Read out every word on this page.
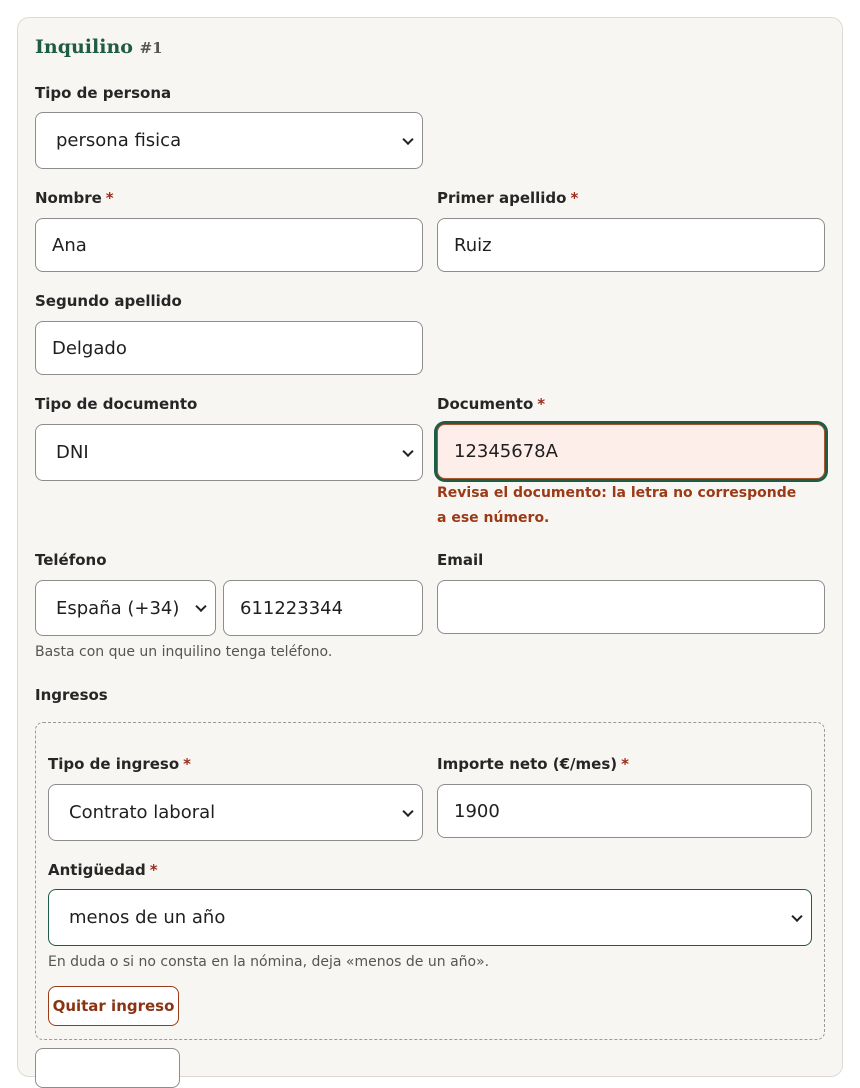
Inquilino #1
Tipo de persona
persona fisica
Nombre *
Ana
Primer apellido *
Ruiz
Segundo apellido
Delgado
Tipo de documento
DNI
Documento *
12345678A
Revisa el documento: la letra no corresponde a ese número.
Teléfono
España (+34)	611223344
Basta con que un inquilino tenga teléfono.
Email
Ingresos
Tipo de ingreso *
Contrato laboral
Importe neto (€/mes) *
1900
Antigüedad *
menos de un año
En duda o si no consta en la nómina, deja «menos de un año».
Quitar ingreso
